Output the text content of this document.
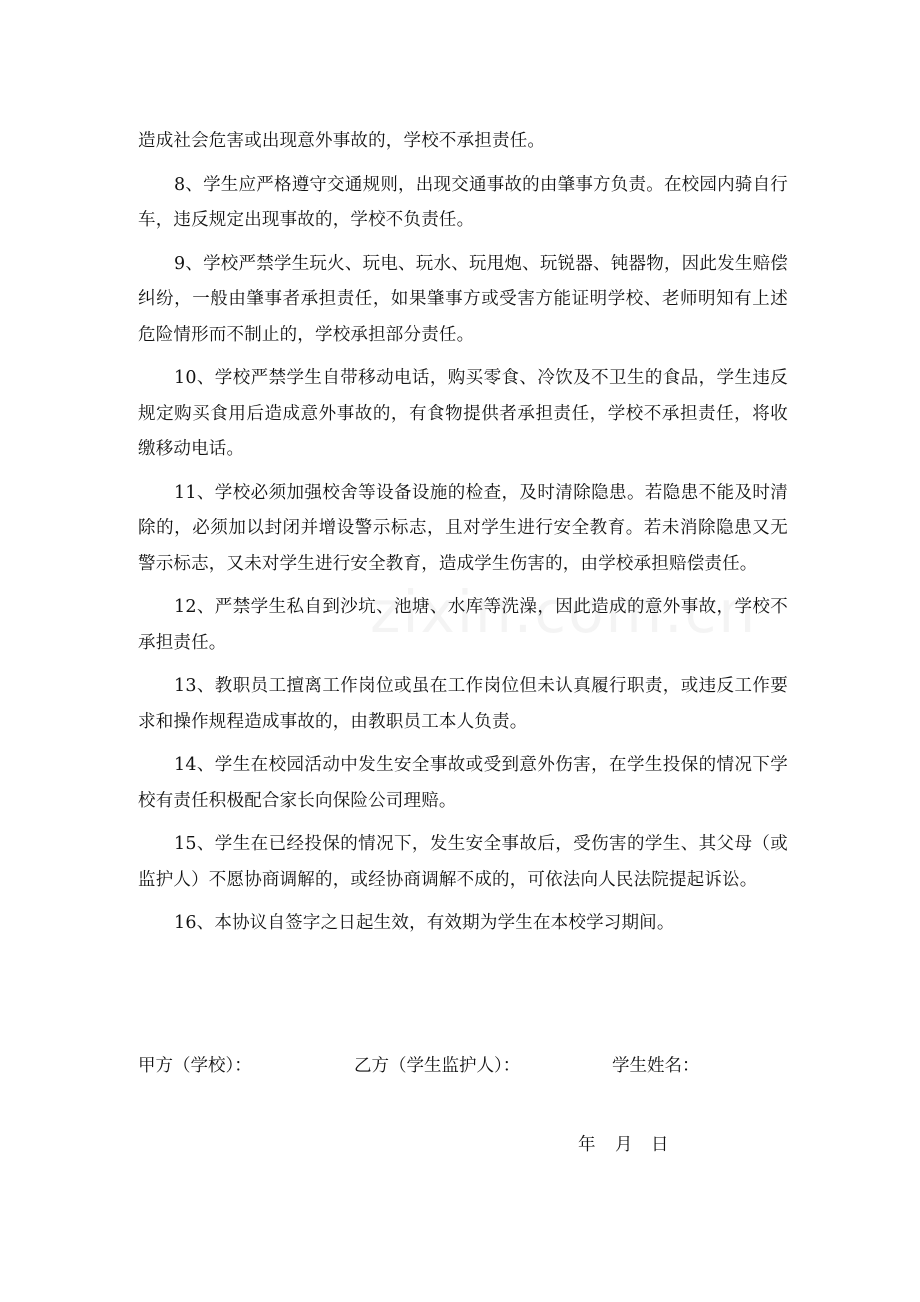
造成社会危害或出现意外事故的，学校不承担责任。

8、学生应严格遵守交通规则，出现交通事故的由肇事方负责。在校园内骑自行车，违反规定出现事故的，学校不负责任。

9、学校严禁学生玩火、玩电、玩水、玩甩炮、玩锐器、钝器物，因此发生赔偿纠纷，一般由肇事者承担责任，如果肇事方或受害方能证明学校、老师明知有上述危险情形而不制止的，学校承担部分责任。

10、学校严禁学生自带移动电话，购买零食、冷饮及不卫生的食品，学生违反规定购买食用后造成意外事故的，有食物提供者承担责任，学校不承担责任，将收缴移动电话。

11、学校必须加强校舍等设备设施的检查，及时清除隐患。若隐患不能及时清除的，必须加以封闭并增设警示标志，且对学生进行安全教育。若未消除隐患又无警示标志，又未对学生进行安全教育，造成学生伤害的，由学校承担赔偿责任。

12、严禁学生私自到沙坑、池塘、水库等洗澡，因此造成的意外事故，学校不承担责任。

13、教职员工擅离工作岗位或虽在工作岗位但未认真履行职责，或违反工作要求和操作规程造成事故的，由教职员工本人负责。

14、学生在校园活动中发生安全事故或受到意外伤害，在学生投保的情况下学校有责任积极配合家长向保险公司理赔。

15、学生在已经投保的情况下，发生安全事故后，受伤害的学生、其父母（或监护人）不愿协商调解的，或经协商调解不成的，可依法向人民法院提起诉讼。

16、本协议自签字之日起生效，有效期为学生在本校学习期间。

甲方（学校）：	乙方（学生监护人）：	学生姓名：
年 月 日
